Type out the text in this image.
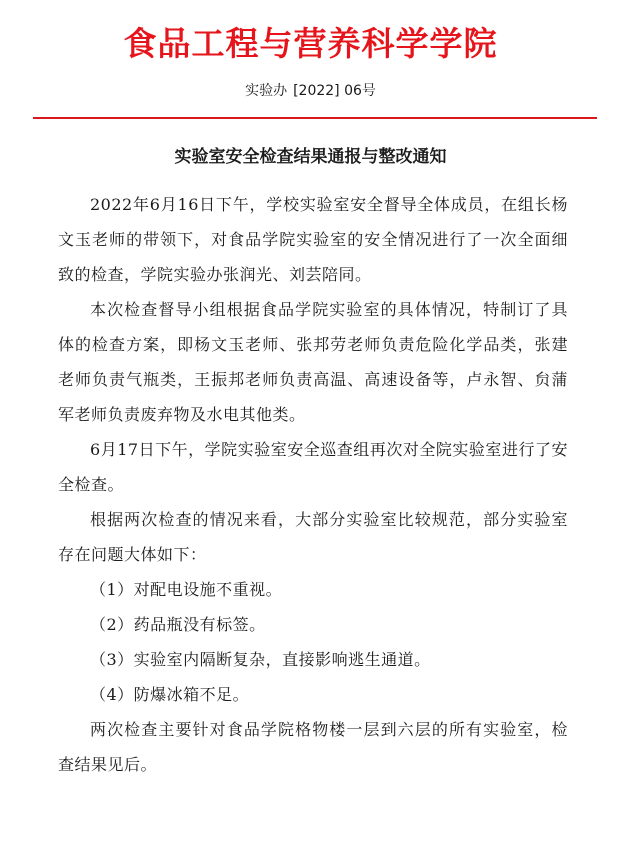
食品工程与营养科学学院
实验办 [2022] 06号
实验室安全检查结果通报与整改通知

2022年6月16日下午，学校实验室安全督导全体成员，在组长杨文玉老师的带领下，对食品学院实验室的安全情况进行了一次全面细致的检查，学院实验办张润光、刘芸陪同。

本次检查督导小组根据食品学院实验室的具体情况，特制订了具体的检查方案，即杨文玉老师、张邦劳老师负责危险化学品类，张建老师负责气瓶类，王振邦老师负责高温、高速设备等，卢永智、贠蒲军老师负责废弃物及水电其他类。

6月17日下午，学院实验室安全巡查组再次对全院实验室进行了安全检查。

根据两次检查的情况来看，大部分实验室比较规范，部分实验室存在问题大体如下：

（1）对配电设施不重视。

（2）药品瓶没有标签。

（3）实验室内隔断复杂，直接影响逃生通道。

（4）防爆冰箱不足。

两次检查主要针对食品学院格物楼一层到六层的所有实验室，检查结果见后。
